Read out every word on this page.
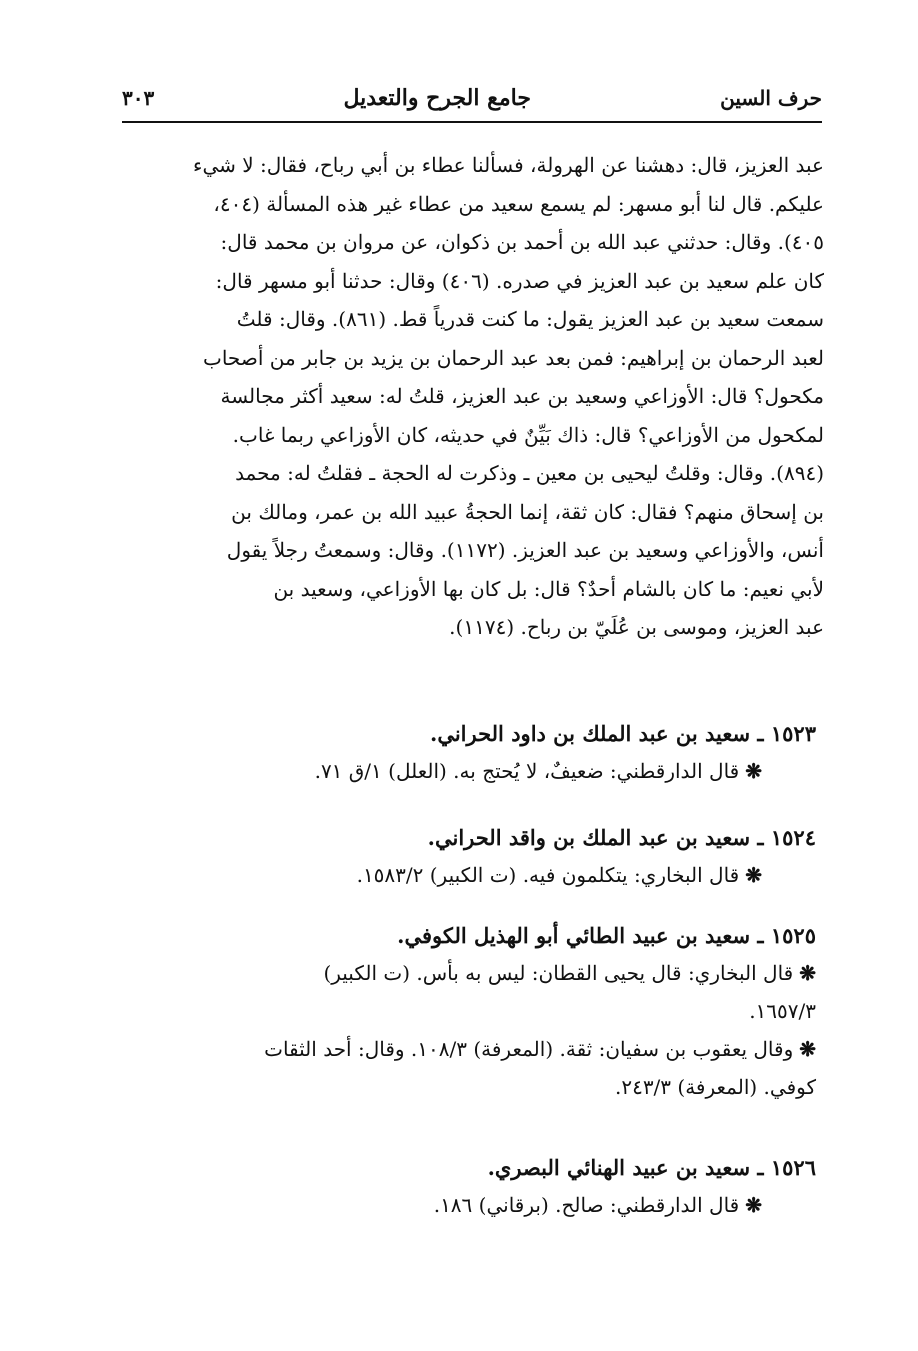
حرف السين
جامع الجرح والتعديل
٣٠٣
عبد العزيز، قال: دهشنا عن الهرولة، فسألنا عطاء بن أبي رباح، فقال: لا شيء
عليكم. قال لنا أبو مسهر: لم يسمع سعيد من عطاء غير هذه المسألة (٤٠٤،
٤٠٥). وقال: حدثني عبد الله بن أحمد بن ذكوان، عن مروان بن محمد قال:
كان علم سعيد بن عبد العزيز في صدره. (٤٠٦) وقال: حدثنا أبو مسهر قال:
سمعت سعيد بن عبد العزيز يقول: ما كنت قدرياً قط. (٨٦١). وقال: قلتُ
لعبد الرحمان بن إبراهيم: فمن بعد عبد الرحمان بن يزيد بن جابر من أصحاب
مكحول؟ قال: الأوزاعي وسعيد بن عبد العزيز، قلتُ له: سعيد أكثر مجالسة
لمكحول من الأوزاعي؟ قال: ذاك بَيِّنٌ في حديثه، كان الأوزاعي ربما غاب.
(٨٩٤). وقال: وقلتُ ليحيى بن معين ـ وذكرت له الحجة ـ فقلتُ له: محمد
بن إسحاق منهم؟ فقال: كان ثقة، إنما الحجةُ عبيد الله بن عمر، ومالك بن
أنس، والأوزاعي وسعيد بن عبد العزيز. (١١٧٢). وقال: وسمعتُ رجلاً يقول
لأبي نعيم: ما كان بالشام أحدٌ؟ قال: بل كان بها الأوزاعي، وسعيد بن
عبد العزيز، وموسى بن عُلَيّ بن رباح. (١١٧٤).
١٥٢٣ ـ سعيد بن عبد الملك بن داود الحراني.
❋قال الدارقطني: ضعيفٌ، لا يُحتج به. (العلل) ١/ق ٧١.
١٥٢٤ ـ سعيد بن عبد الملك بن واقد الحراني.
❋قال البخاري: يتكلمون فيه. (ت الكبير) ١٥٨٣/٢.
١٥٢٥ ـ سعيد بن عبيد الطائي أبو الهذيل الكوفي.
❋قال البخاري: قال يحيى القطان: ليس به بأس. (ت الكبير)
١٦٥٧/٣.
❋وقال يعقوب بن سفيان: ثقة. (المعرفة) ١٠٨/٣. وقال: أحد الثقات
كوفي. (المعرفة) ٢٤٣/٣.
١٥٢٦ ـ سعيد بن عبيد الهنائي البصري.
❋قال الدارقطني: صالح. (برقاني) ١٨٦.
